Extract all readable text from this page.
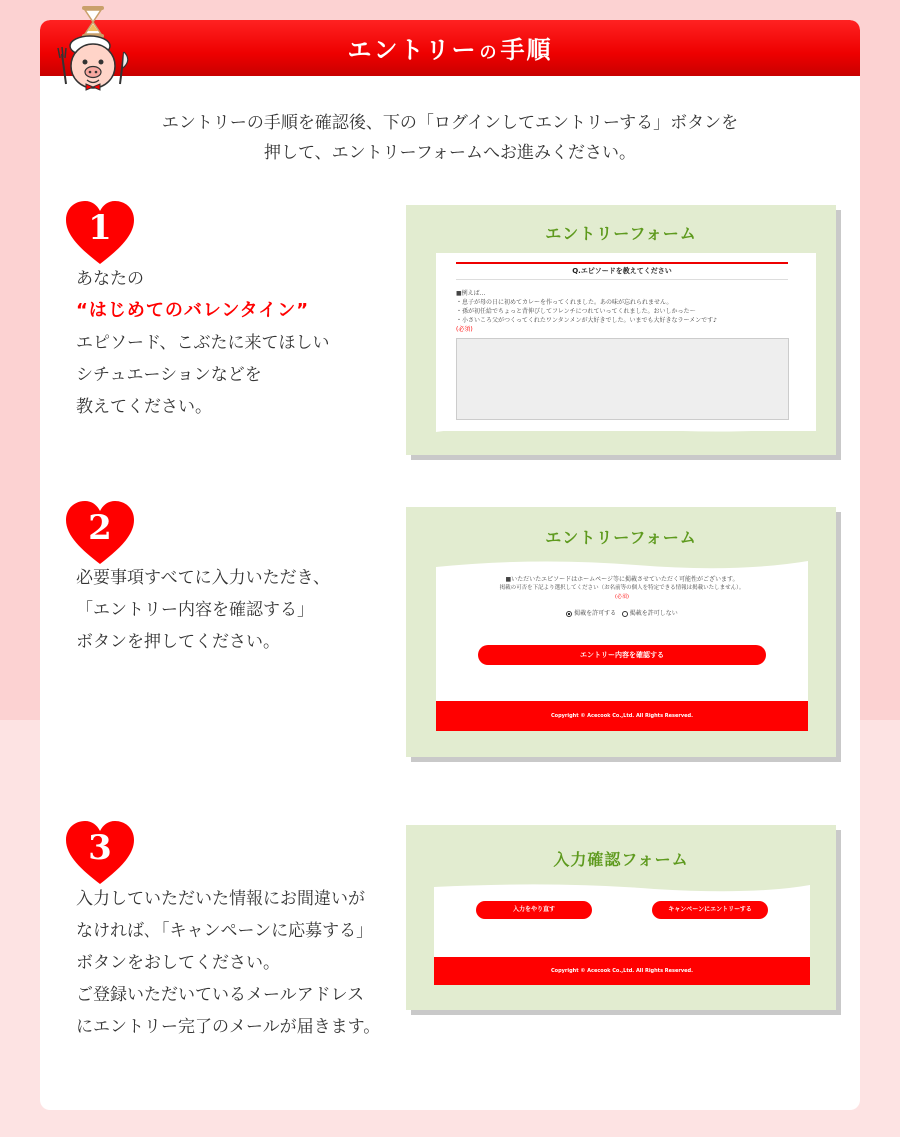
エントリー の手順
エントリーの手順を確認後、下の「ログインしてエントリーする」ボタンを
押して、エントリーフォームへお進みください。
1
あなたの
“はじめてのバレンタイン”
エピソード、こぶたに来てほしい
シチュエーションなどを
教えてください。
エントリーフォーム
Q.エピソードを教えてください
■例えば…
・息子が母の日に初めてカレーを作ってくれました。あの味が忘れられません。
・孫が初任給でちょっと背伸びしてフレンチにつれていってくれました。おいしかった〜
・小さいころ父がつくってくれたワンタンメンが大好きでした。いまでも大好きなラーメンです♪
(必須)
2
必要事項すべてに入力いただき、
「エントリー内容を確認する」
ボタンを押してください。
エントリーフォーム
■いただいたエピソードはホームページ等に掲載させていただく可能性がございます。
掲載の可否を下記より選択してください（お名前等の個人を特定できる情報は掲載いたしません）。
(必須)
掲載を許可する 掲載を許可しない
エントリー内容を確認する
Copyright © Acecook Co.,Ltd. All Rights Reserved.
3
入力していただいた情報にお間違いが
なければ､「キャンペーンに応募する」
ボタンをおしてください。
ご登録いただいているメールアドレス
にエントリー完了のメールが届きます。
入力確認フォーム
入力をやり直す	キャンペーンにエントリーする
Copyright © Acecook Co.,Ltd. All Rights Reserved.
